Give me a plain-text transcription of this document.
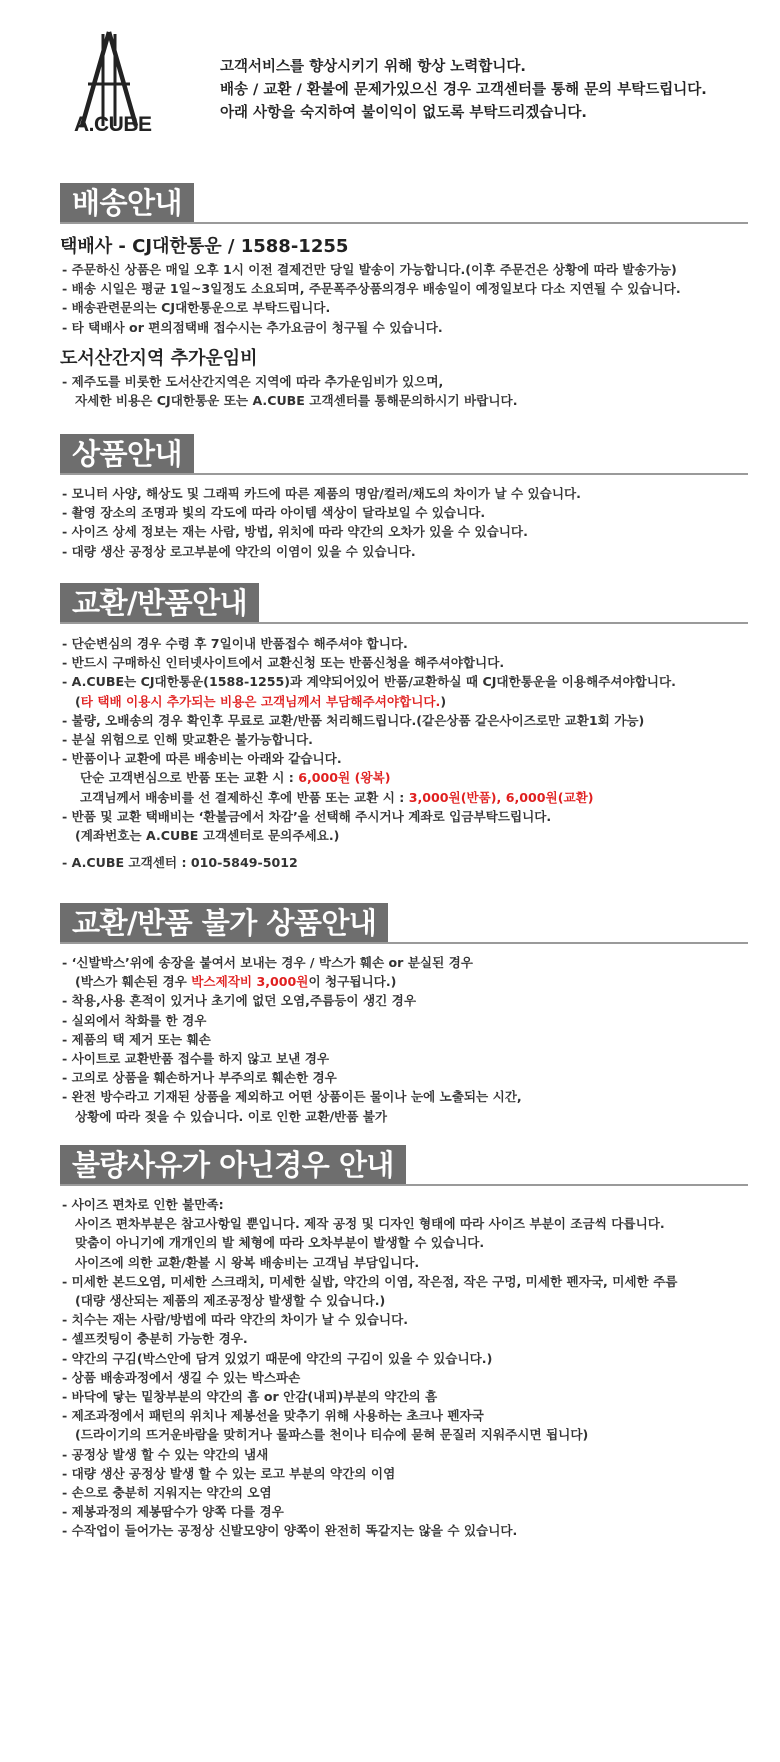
A.CUBE
고객서비스를 향상시키기 위해 항상 노력합니다.
배송 / 교환 / 환불에 문제가있으신 경우 고객센터를 통해 문의 부탁드립니다.
아래 사항을 숙지하여 불이익이 없도록 부탁드리겠습니다.
배송안내
택배사 - CJ대한통운 / 1588-1255
- 주문하신 상품은 매일 오후 1시 이전 결제건만 당일 발송이 가능합니다.(이후 주문건은 상황에 따라 발송가능)
- 배송 시일은 평균 1일~3일정도 소요되며, 주문폭주상품의경우 배송일이 예정일보다 다소 지연될 수 있습니다.
- 배송관련문의는 CJ대한통운으로 부탁드립니다.
- 타 택배사 or 편의점택배 접수시는 추가요금이 청구될 수 있습니다.
도서산간지역 추가운임비
- 제주도를 비롯한 도서산간지역은 지역에 따라 추가운임비가 있으며,
자세한 비용은 CJ대한통운 또는 A.CUBE 고객센터를 통해문의하시기 바랍니다.
상품안내
- 모니터 사양, 해상도 및 그래픽 카드에 따른 제품의 명암/컬러/채도의 차이가 날 수 있습니다.
- 촬영 장소의 조명과 빛의 각도에 따라 아이템 색상이 달라보일 수 있습니다.
- 사이즈 상세 정보는 재는 사람, 방법, 위치에 따라 약간의 오차가 있을 수 있습니다.
- 대량 생산 공정상 로고부분에 약간의 이염이 있을 수 있습니다.
교환/반품안내
- 단순변심의 경우 수령 후 7일이내 반품접수 해주셔야 합니다.
- 반드시 구매하신 인터넷사이트에서 교환신청 또는 반품신청을 해주셔야합니다.
- A.CUBE는 CJ대한통운(1588-1255)과 계약되어있어 반품/교환하실 때 CJ대한통운을 이용해주셔야합니다.
(타 택배 이용시 추가되는 비용은 고객님께서 부담해주셔야합니다.)
- 불량, 오배송의 경우 확인후 무료로 교환/반품 처리해드립니다.(같은상품 같은사이즈로만 교환1회 가능)
- 분실 위험으로 인해 맞교환은 불가능합니다.
- 반품이나 교환에 따른 배송비는 아래와 같습니다.
단순 고객변심으로 반품 또는 교환 시 : 6,000원 (왕복)
고객님께서 배송비를 선 결제하신 후에 반품 또는 교환 시 : 3,000원(반품), 6,000원(교환)
- 반품 및 교환 택배비는 ‘환불금에서 차감’을 선택해 주시거나 계좌로 입금부탁드립니다.
(계좌번호는 A.CUBE 고객센터로 문의주세요.)
- A.CUBE 고객센터 : 010-5849-5012
교환/반품 불가 상품안내
- ‘신발박스’위에 송장을 붙여서 보내는 경우 / 박스가 훼손 or 분실된 경우
(박스가 훼손된 경우 박스제작비 3,000원이 청구됩니다.)
- 착용,사용 흔적이 있거나 초기에 없던 오염,주름등이 생긴 경우
- 실외에서 착화를 한 경우
- 제품의 택 제거 또는 훼손
- 사이트로 교환반품 접수를 하지 않고 보낸 경우
- 고의로 상품을 훼손하거나 부주의로 훼손한 경우
- 완전 방수라고 기재된 상품을 제외하고 어떤 상품이든 물이나 눈에 노출되는 시간,
상황에 따라 젖을 수 있습니다. 이로 인한 교환/반품 불가
불량사유가 아닌경우 안내
- 사이즈 편차로 인한 불만족:
사이즈 편차부분은 참고사항일 뿐입니다. 제작 공정 및 디자인 형태에 따라 사이즈 부분이 조금씩 다릅니다.
맞춤이 아니기에 개개인의 발 체형에 따라 오차부분이 발생할 수 있습니다.
사이즈에 의한 교환/환불 시 왕복 배송비는 고객님 부담입니다.
- 미세한 본드오염, 미세한 스크래치, 미세한 실밥, 약간의 이염, 작은점, 작은 구멍, 미세한 펜자국, 미세한 주름
(대량 생산되는 제품의 제조공정상 발생할 수 있습니다.)
- 치수는 재는 사람/방법에 따라 약간의 차이가 날 수 있습니다.
- 셀프컷팅이 충분히 가능한 경우.
- 약간의 구김(박스안에 담겨 있었기 때문에 약간의 구김이 있을 수 있습니다.)
- 상품 배송과정에서 생길 수 있는 박스파손
- 바닥에 닿는 밑창부분의 약간의 흠 or 안감(내피)부분의 약간의 흠
- 제조과정에서 패턴의 위치나 제봉선을 맞추기 위해 사용하는 초크나 펜자국
(드라이기의 뜨거운바람을 맞히거나 물파스를 천이나 티슈에 묻혀 문질러 지워주시면 됩니다)
- 공정상 발생 할 수 있는 약간의 냄새
- 대량 생산 공정상 발생 할 수 있는 로고 부분의 약간의 이염
- 손으로 충분히 지워지는 약간의 오염
- 제봉과정의 제봉땀수가 양쪽 다를 경우
- 수작업이 들어가는 공정상 신발모양이 양쪽이 완전히 똑같지는 않을 수 있습니다.
